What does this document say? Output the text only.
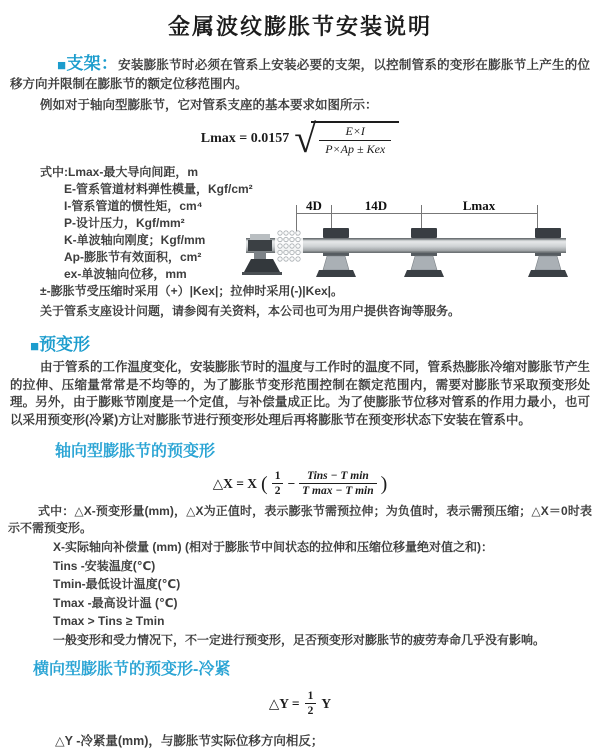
金属波纹膨胀节安装说明

■支架：安装膨胀节时必须在管系上安装必要的支架，以控制管系的变形在膨胀节上产生的位移方向并限制在膨胀节的额定位移范围内。

例如对于轴向型膨胀节，它对管系支座的基本要求如图所示：

Lmax = 0.0157 √
$\frac{E\times I}{\text{P×Ap ± Kex}}$
式中:Lmax-最大导向间距，m
E-管系管道材料弹性模量，Kgf/cm²
I-管系管道的惯性矩，cm⁴
P-设计压力，Kgf/mm²
K-单波轴向刚度；Kgf/mm
Ap-膨胀节有效面积，cm²
ex-单波轴向位移，mm
±-膨胀节受压缩时采用（+）|Kex|；拉伸时采用(-)|Kex|。
关于管系支座设计问题，请参阅有关资料，本公司也可为用户提供咨询等服务。
4D	14D	Lmax
■预变形

由于管系的工作温度变化，安装膨胀节时的温度与工作时的温度不同，管系热膨胀冷缩对膨胀节产生的拉伸、压缩量常常是不均等的，为了膨胀节变形范围控制在额定范围内，需要对膨胀节采取预变形处理。另外，由于膨账节刚度是一个定值，与补偿量成正比。为了使膨胀节位移对管系的作用力最小，也可以采用预变形(冷紧)方让对膨胀节进行预变形处理后再将膨胀节在预变形状态下安装在管系中。

轴向型膨胀节的预变形
△X = X ( $\frac{1}{2}$ −	Tins − T min
T max − T min )

式中：△X-预变形量(mm)，△X为正值时，表示膨张节需预拉伸；为负值时，表示需预压缩；△X＝0时表示不需预变形。

X-实际轴向补偿量 (mm) (相对于膨胀节中间状态的拉伸和压缩位移量绝对值之和)：
Tins -安装温度(℃)
Tmin-最低设计温度(℃)
Tmax -最高设计温 (℃)
Tmax > Tins ≥ Tmin
一般变形和受力情况下，不一定进行预变形，足否预变形对膨胀节的疲劳寿命几乎没有影响。
横向型膨胀节的预变形-冷紧
△Y = $\frac{1}{2}$ Y

△Y -冷紧量(mm)，与膨胀节实际位移方向相反；
